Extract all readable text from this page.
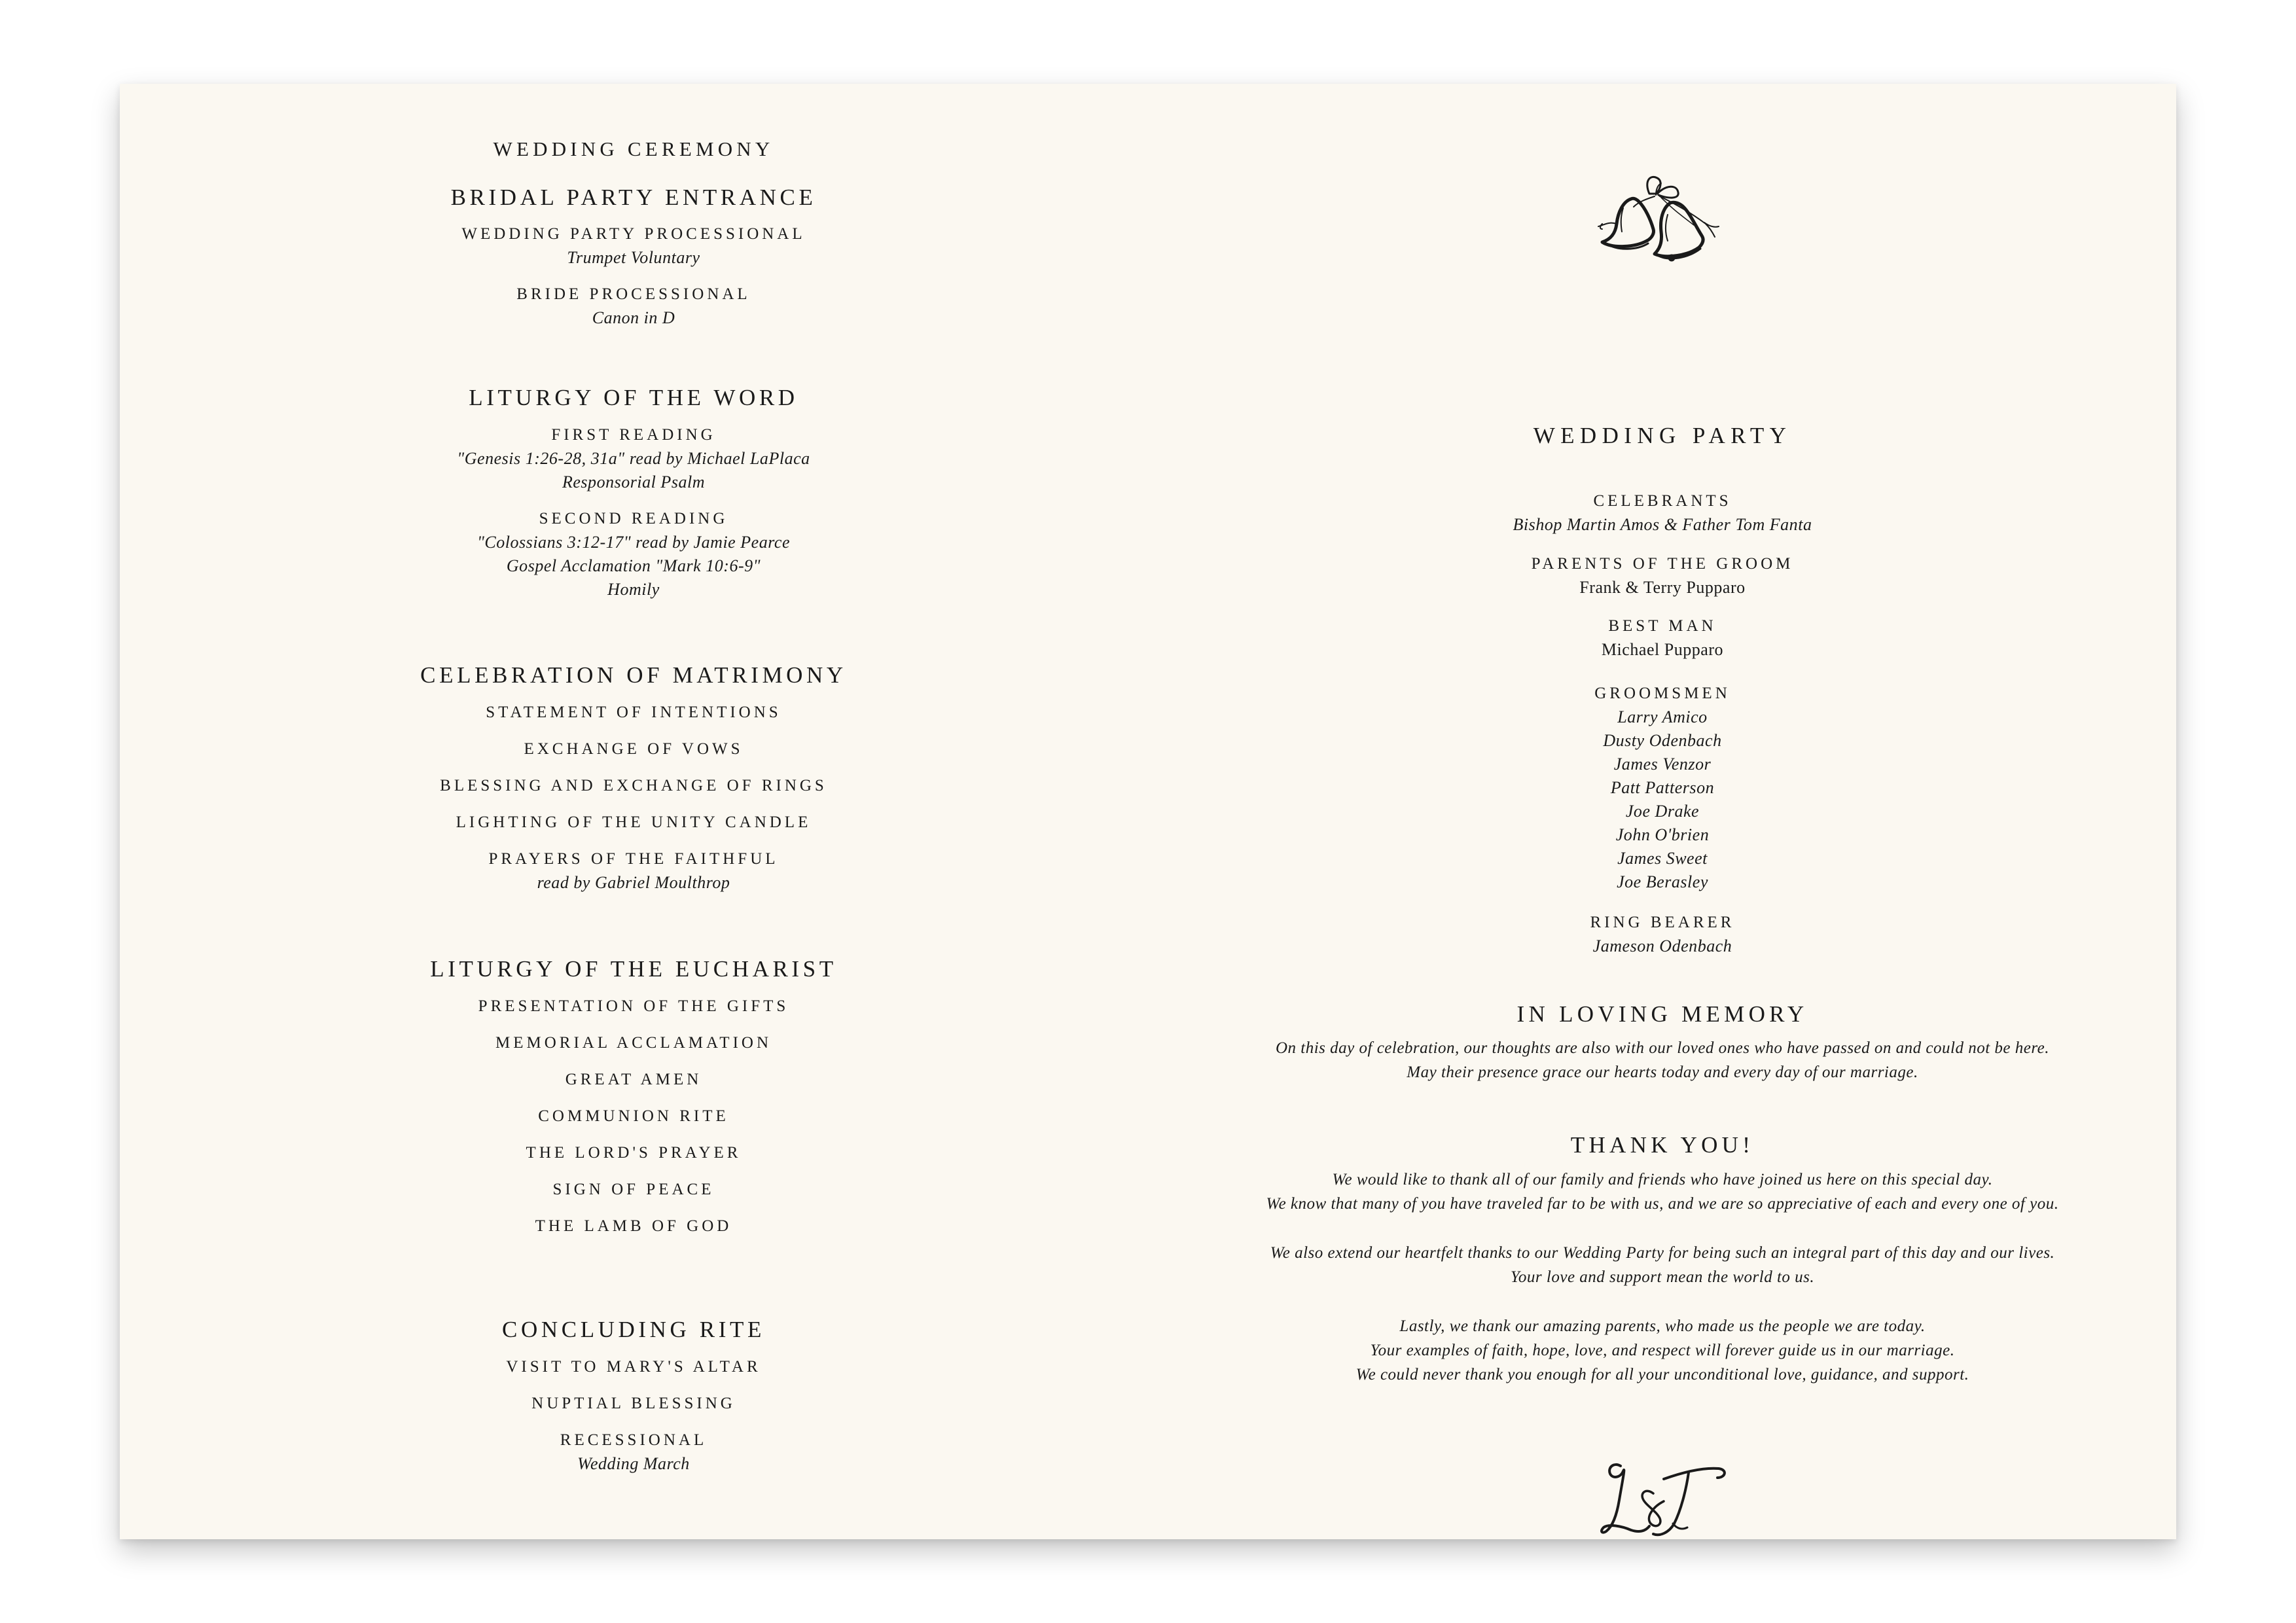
WEDDING CEREMONY
BRIDAL PARTY ENTRANCE
WEDDING PARTY PROCESSIONAL
Trumpet Voluntary
BRIDE PROCESSIONAL
Canon in D
LITURGY OF THE WORD
FIRST READING
"Genesis 1:26-28, 31a" read by Michael LaPlaca
Responsorial Psalm
SECOND READING
"Colossians 3:12-17" read by Jamie Pearce
Gospel Acclamation "Mark 10:6-9"
Homily
CELEBRATION OF MATRIMONY
STATEMENT OF INTENTIONS
EXCHANGE OF VOWS
BLESSING AND EXCHANGE OF RINGS
LIGHTING OF THE UNITY CANDLE
PRAYERS OF THE FAITHFUL
read by Gabriel Moulthrop
LITURGY OF THE EUCHARIST
PRESENTATION OF THE GIFTS
MEMORIAL ACCLAMATION
GREAT AMEN
COMMUNION RITE
THE LORD'S PRAYER
SIGN OF PEACE
THE LAMB OF GOD
CONCLUDING RITE
VISIT TO MARY'S ALTAR
NUPTIAL BLESSING
RECESSIONAL
Wedding March
WEDDING PARTY
CELEBRANTS
Bishop Martin Amos & Father Tom Fanta
PARENTS OF THE GROOM
Frank & Terry Pupparo
BEST MAN
Michael Pupparo
GROOMSMEN
Larry Amico
Dusty Odenbach
James Venzor
Patt Patterson
Joe Drake
John O'brien
James Sweet
Joe Berasley
RING BEARER
Jameson Odenbach
IN LOVING MEMORY
On this day of celebration, our thoughts are also with our loved ones who have passed on and could not be here.
May their presence grace our hearts today and every day of our marriage.
THANK YOU!
We would like to thank all of our family and friends who have joined us here on this special day.
We know that many of you have traveled far to be with us, and we are so appreciative of each and every one of you.
We also extend our heartfelt thanks to our Wedding Party for being such an integral part of this day and our lives.
Your love and support mean the world to us.
Lastly, we thank our amazing parents, who made us the people we are today.
Your examples of faith, hope, love, and respect will forever guide us in our marriage.
We could never thank you enough for all your unconditional love, guidance, and support.
